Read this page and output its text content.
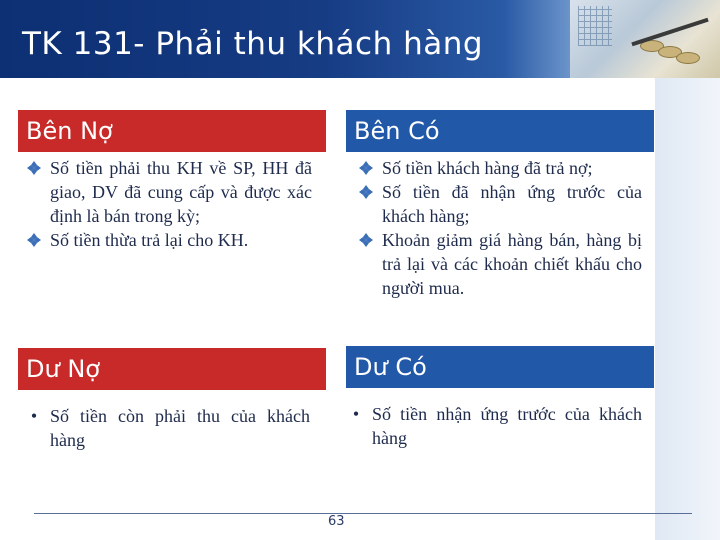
TK 131- Phải thu khách hàng
Bên Nợ	Bên Có
Số tiền phải thu KH về SP, HH đã giao, DV đã cung cấp và được xác định là bán trong kỳ;
Số tiền thừa trả lại cho KH.
Số tiền khách hàng đã trả nợ;
Số tiền đã nhận ứng trước của khách hàng;
Khoản giảm giá hàng bán, hàng bị trả lại và các khoản chiết khấu cho người mua.
Dư Nợ	Dư Có
• Số tiền còn phải thu của khách hàng
• Số tiền nhận ứng trước của khách hàng
63
